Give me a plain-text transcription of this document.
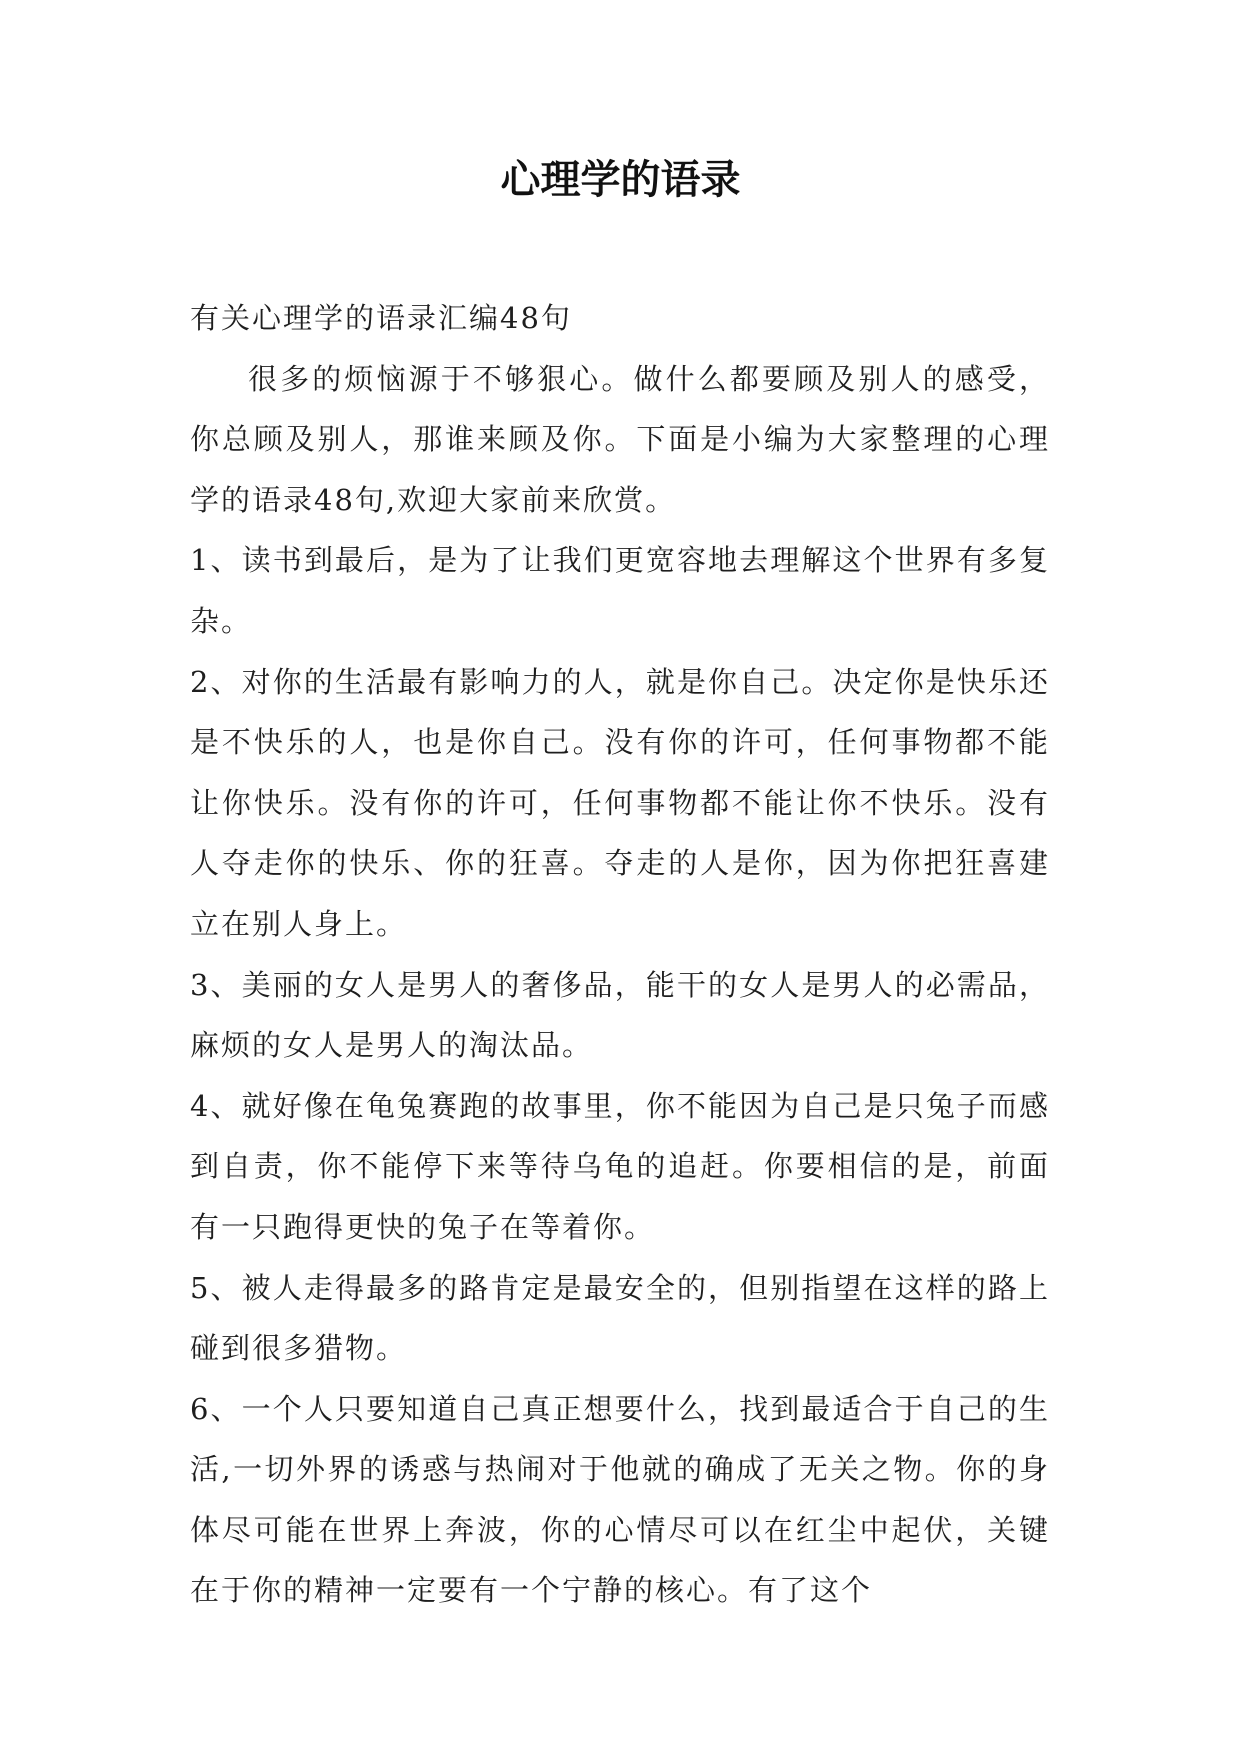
心理学的语录

有关心理学的语录汇编48句

很多的烦恼源于不够狠心。做什么都要顾及别人的感受，你总顾及别人，那谁来顾及你。下面是小编为大家整理的心理学的语录48句,欢迎大家前来欣赏。

1、读书到最后，是为了让我们更宽容地去理解这个世界有多复杂。

2、对你的生活最有影响力的人，就是你自己。决定你是快乐还是不快乐的人，也是你自己。没有你的许可，任何事物都不能让你快乐。没有你的许可，任何事物都不能让你不快乐。没有人夺走你的快乐、你的狂喜。夺走的人是你，因为你把狂喜建立在别人身上。

3、美丽的女人是男人的奢侈品，能干的女人是男人的必需品，麻烦的女人是男人的淘汰品。

4、就好像在龟兔赛跑的故事里，你不能因为自己是只兔子而感到自责，你不能停下来等待乌龟的追赶。你要相信的是，前面有一只跑得更快的兔子在等着你。

5、被人走得最多的路肯定是最安全的，但别指望在这样的路上碰到很多猎物。

6、一个人只要知道自己真正想要什么，找到最适合于自己的生活,一切外界的诱惑与热闹对于他就的确成了无关之物。你的身体尽可能在世界上奔波，你的心情尽可以在红尘中起伏，关键在于你的精神一定要有一个宁静的核心。有了这个
